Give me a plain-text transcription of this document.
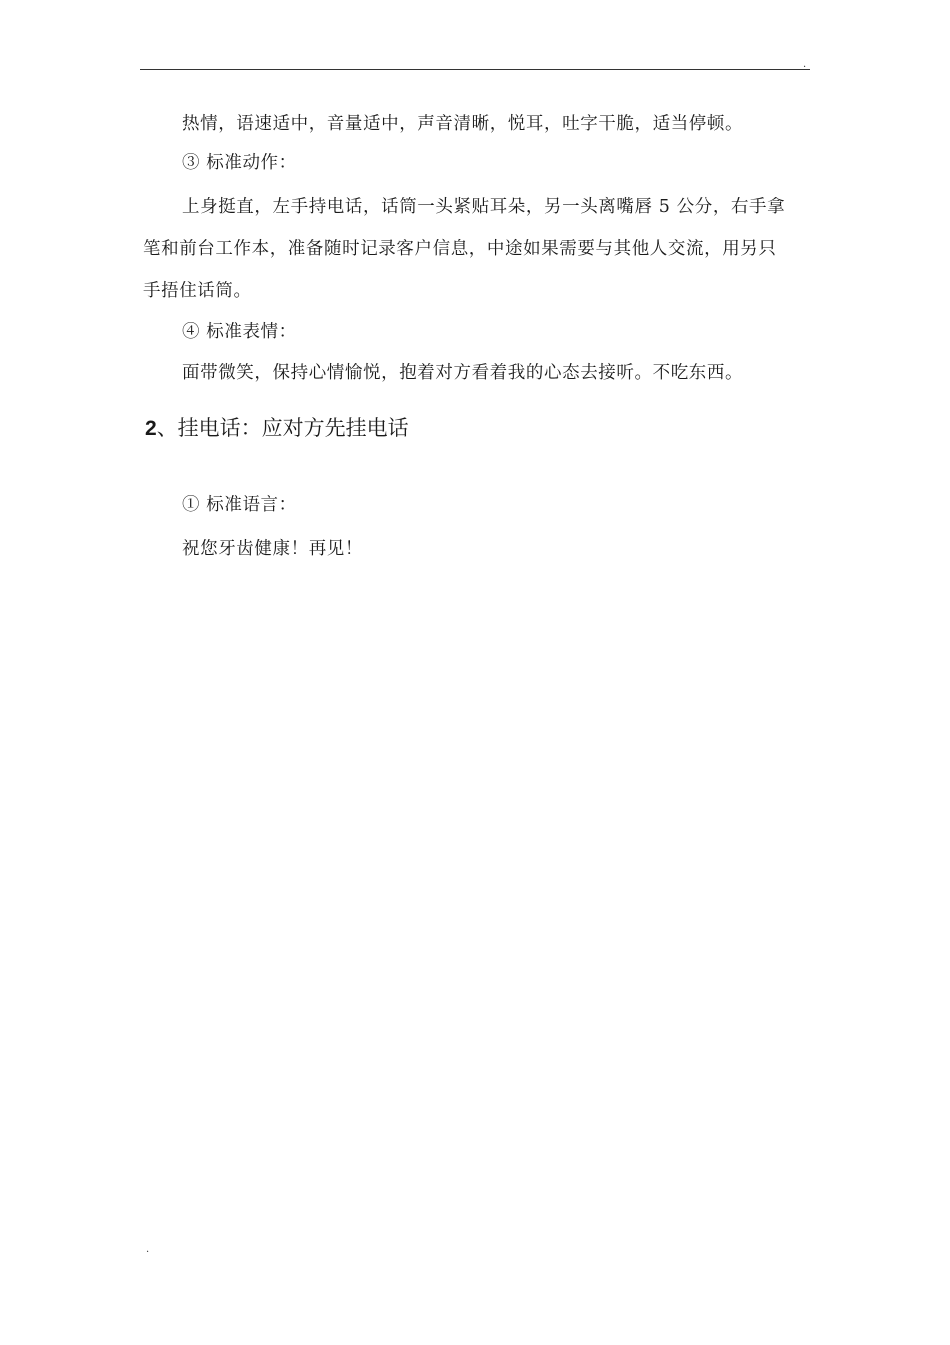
.
热情，语速适中，音量适中，声音清晰，悦耳，吐字干脆，适当停顿。
③ 标准动作：
上身挺直，左手持电话，话筒一头紧贴耳朵，另一头离嘴唇 5 公分，右手拿
笔和前台工作本，准备随时记录客户信息，中途如果需要与其他人交流，用另只
手捂住话筒。
④ 标准表情：
面带微笑，保持心情愉悦，抱着对方看着我的心态去接听。不吃东西。
2、挂电话：应对方先挂电话
① 标准语言：
祝您牙齿健康！再见！
.
